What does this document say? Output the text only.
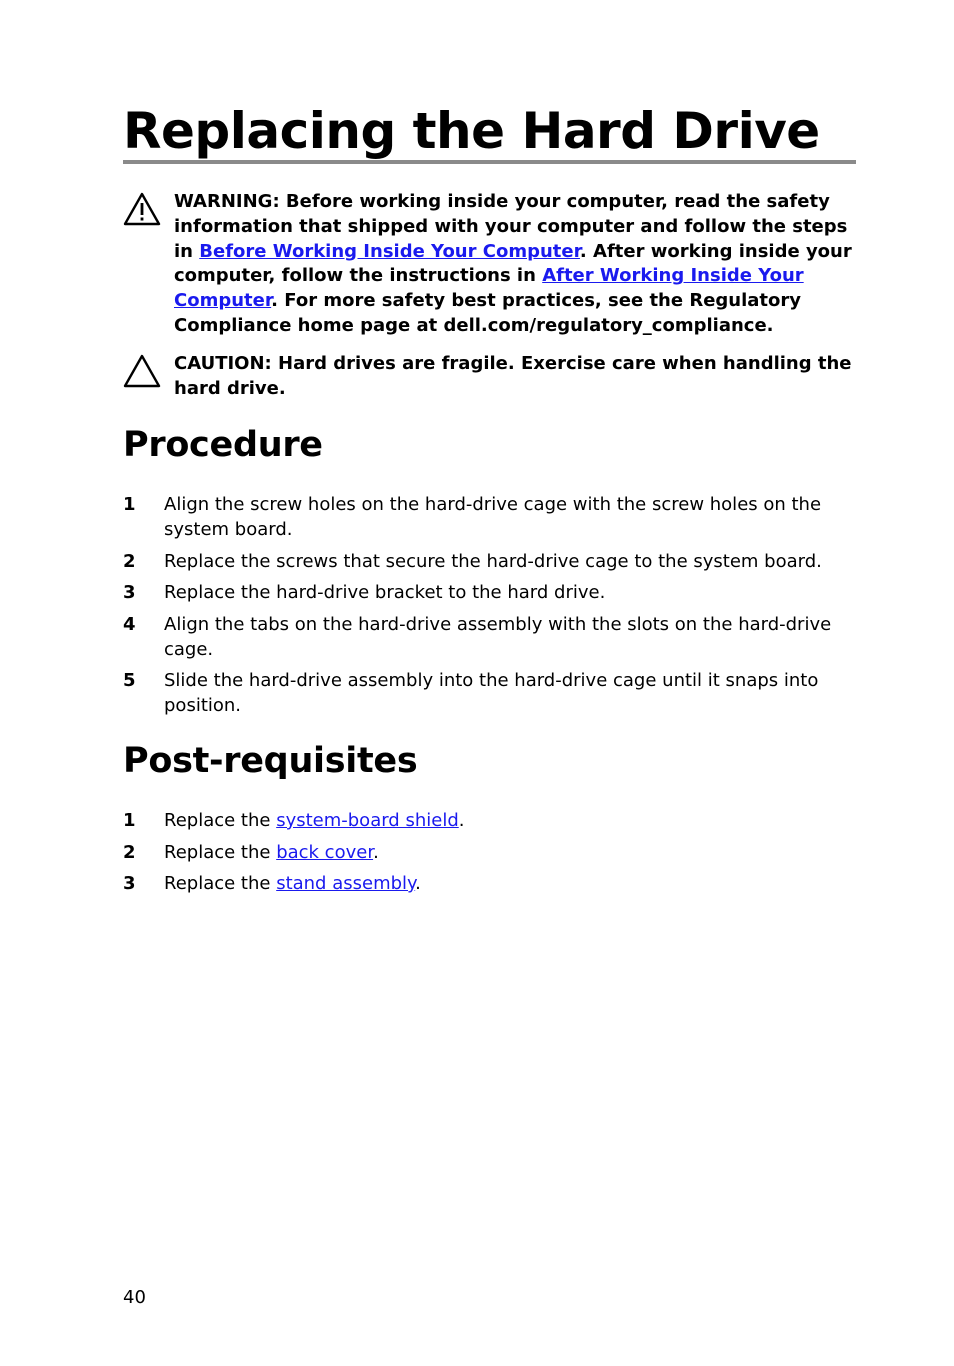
Replacing the Hard Drive
WARNING: Before working inside your computer, read the safety information that shipped with your computer and follow the steps in Before Working Inside Your Computer. After working inside your computer, follow the instructions in After Working Inside Your Computer. For more safety best practices, see the Regulatory Compliance home page at dell.com/regulatory_compliance.
CAUTION: Hard drives are fragile. Exercise care when handling the hard drive.
Procedure
1 Align the screw holes on the hard-drive cage with the screw holes on the system board.
2 Replace the screws that secure the hard-drive cage to the system board.
3 Replace the hard-drive bracket to the hard drive.
4 Align the tabs on the hard-drive assembly with the slots on the hard-drive cage.
5 Slide the hard-drive assembly into the hard-drive cage until it snaps into position.
Post-requisites
1 Replace the system-board shield.
2 Replace the back cover.
3 Replace the stand assembly.
40
